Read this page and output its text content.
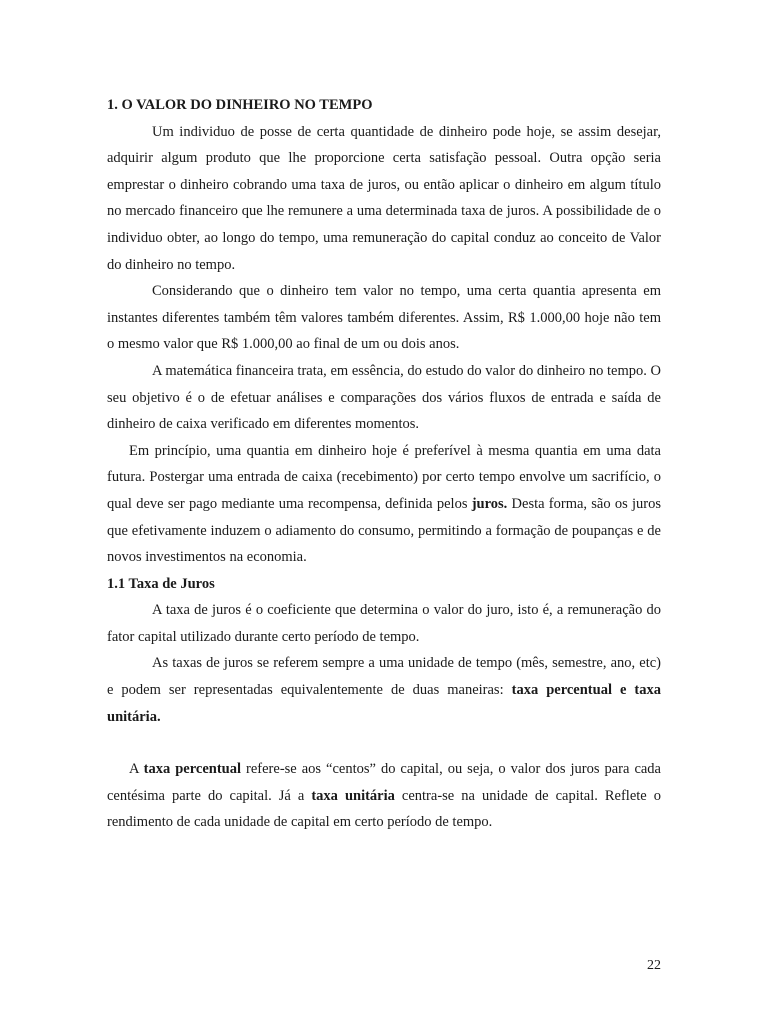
1. O VALOR DO DINHEIRO NO TEMPO

Um individuo de posse de certa quantidade de dinheiro pode hoje, se assim desejar, adquirir algum produto que lhe proporcione certa satisfação pessoal. Outra opção seria emprestar o dinheiro cobrando uma taxa de juros, ou então aplicar o dinheiro em algum título no mercado financeiro que lhe remunere a uma determinada taxa de juros. A possibilidade de o individuo obter, ao longo do tempo, uma remuneração do capital conduz ao conceito de Valor do dinheiro no tempo.

Considerando que o dinheiro tem valor no tempo, uma certa quantia apresenta em instantes diferentes também têm valores também diferentes. Assim, R$ 1.000,00 hoje não tem o mesmo valor que R$ 1.000,00 ao final de um ou dois anos.

A matemática financeira trata, em essência, do estudo do valor do dinheiro no tempo. O seu objetivo é o de efetuar análises e comparações dos vários fluxos de entrada e saída de dinheiro de caixa verificado em diferentes momentos.

Em princípio, uma quantia em dinheiro hoje é preferível à mesma quantia em uma data futura. Postergar uma entrada de caixa (recebimento) por certo tempo envolve um sacrifício, o qual deve ser pago mediante uma recompensa, definida pelos juros. Desta forma, são os juros que efetivamente induzem o adiamento do consumo, permitindo a formação de poupanças e de novos investimentos na economia.

1.1 Taxa de Juros

A taxa de juros é o coeficiente que determina o valor do juro, isto é, a remuneração do fator capital utilizado durante certo período de tempo.

As taxas de juros se referem sempre a uma unidade de tempo (mês, semestre, ano, etc) e podem ser representadas equivalentemente de duas maneiras: taxa percentual e taxa unitária.

A taxa percentual refere-se aos “centos” do capital, ou seja, o valor dos juros para cada centésima parte do capital. Já a taxa unitária centra-se na unidade de capital. Reflete o rendimento de cada unidade de capital em certo período de tempo.

22
